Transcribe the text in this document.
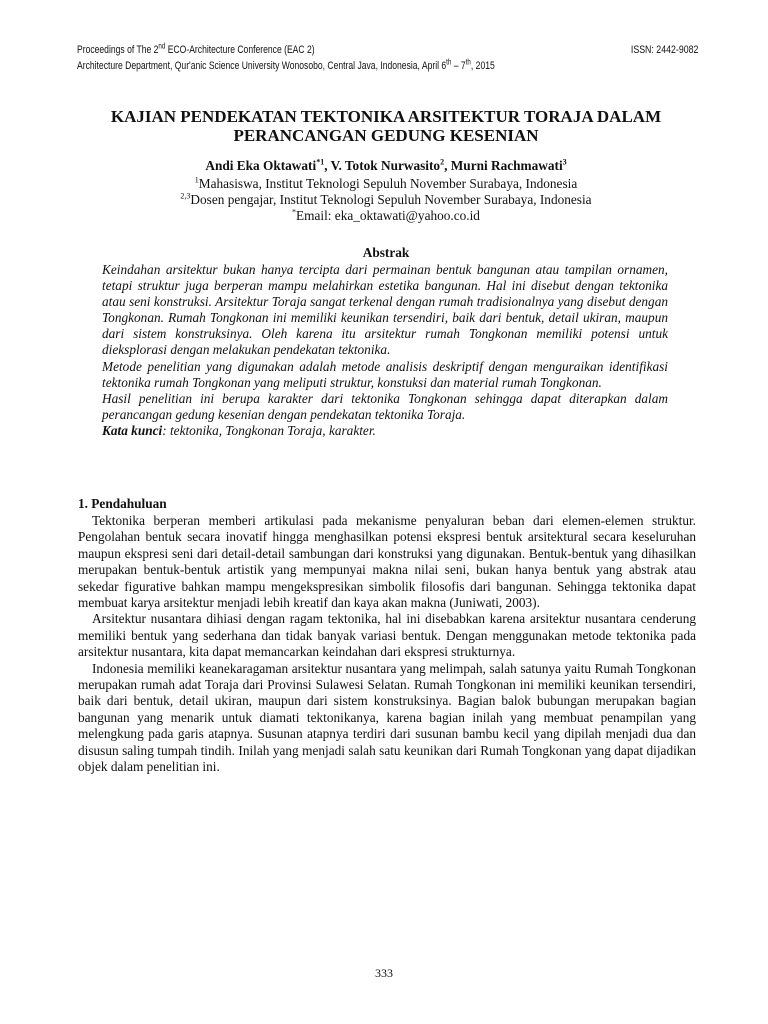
Proceedings of The 2nd ECO-Architecture Conference (EAC 2)	ISSN: 2442-9082
Architecture Department, Qur'anic Science University Wonosobo, Central Java, Indonesia, April 6th – 7th, 2015
KAJIAN PENDEKATAN TEKTONIKA ARSITEKTUR TORAJA DALAM
PERANCANGAN GEDUNG KESENIAN
Andi Eka Oktawati$^{*1}$, V. Totok Nurwasito$^2$, Murni Rachmawati$^3$
$^1$Mahasiswa, Institut Teknologi Sepuluh November Surabaya, Indonesia
$^{2,3}$Dosen pengajar, Institut Teknologi Sepuluh November Surabaya, Indonesia
*Email: eka_oktawati@yahoo.co.id
Abstrak

Keindahan arsitektur bukan hanya tercipta dari permainan bentuk bangunan atau tampilan ornamen, tetapi struktur juga berperan mampu melahirkan estetika bangunan. Hal ini disebut dengan tektonika atau seni konstruksi. Arsitektur Toraja sangat terkenal dengan rumah tradisionalnya yang disebut dengan Tongkonan. Rumah Tongkonan ini memiliki keunikan tersendiri, baik dari bentuk, detail ukiran, maupun dari sistem konstruksinya. Oleh karena itu arsitektur rumah Tongkonan memiliki potensi untuk dieksplorasi dengan melakukan pendekatan tektonika.

Metode penelitian yang digunakan adalah metode analisis deskriptif dengan menguraikan identifikasi tektonika rumah Tongkonan yang meliputi struktur, konstuksi dan material rumah Tongkonan.

Hasil penelitian ini berupa karakter dari tektonika Tongkonan sehingga dapat diterapkan dalam perancangan gedung kesenian dengan pendekatan tektonika Toraja.

Kata kunci: tektonika, Tongkonan Toraja, karakter.

1. Pendahuluan

Tektonika berperan memberi artikulasi pada mekanisme penyaluran beban dari elemen-elemen struktur. Pengolahan bentuk secara inovatif hingga menghasilkan potensi ekspresi bentuk arsitektural secara keseluruhan maupun ekspresi seni dari detail-detail sambungan dari konstruksi yang digunakan. Bentuk-bentuk yang dihasilkan merupakan bentuk-bentuk artistik yang mempunyai makna nilai seni, bukan hanya bentuk yang abstrak atau sekedar figurative bahkan mampu mengekspresikan simbolik filosofis dari bangunan. Sehingga tektonika dapat membuat karya arsitektur menjadi lebih kreatif dan kaya akan makna (Juniwati, 2003).

Arsitektur nusantara dihiasi dengan ragam tektonika, hal ini disebabkan karena arsitektur nusantara cenderung memiliki bentuk yang sederhana dan tidak banyak variasi bentuk. Dengan menggunakan metode tektonika pada arsitektur nusantara, kita dapat memancarkan keindahan dari ekspresi strukturnya.

Indonesia memiliki keanekaragaman arsitektur nusantara yang melimpah, salah satunya yaitu Rumah Tongkonan merupakan rumah adat Toraja dari Provinsi Sulawesi Selatan. Rumah Tongkonan ini memiliki keunikan tersendiri, baik dari bentuk, detail ukiran, maupun dari sistem konstruksinya. Bagian balok bubungan merupakan bagian bangunan yang menarik untuk diamati tektonikanya, karena bagian inilah yang membuat penampilan yang melengkung pada garis atapnya. Susunan atapnya terdiri dari susunan bambu kecil yang dipilah menjadi dua dan disusun saling tumpah tindih. Inilah yang menjadi salah satu keunikan dari Rumah Tongkonan yang dapat dijadikan objek dalam penelitian ini.

333
